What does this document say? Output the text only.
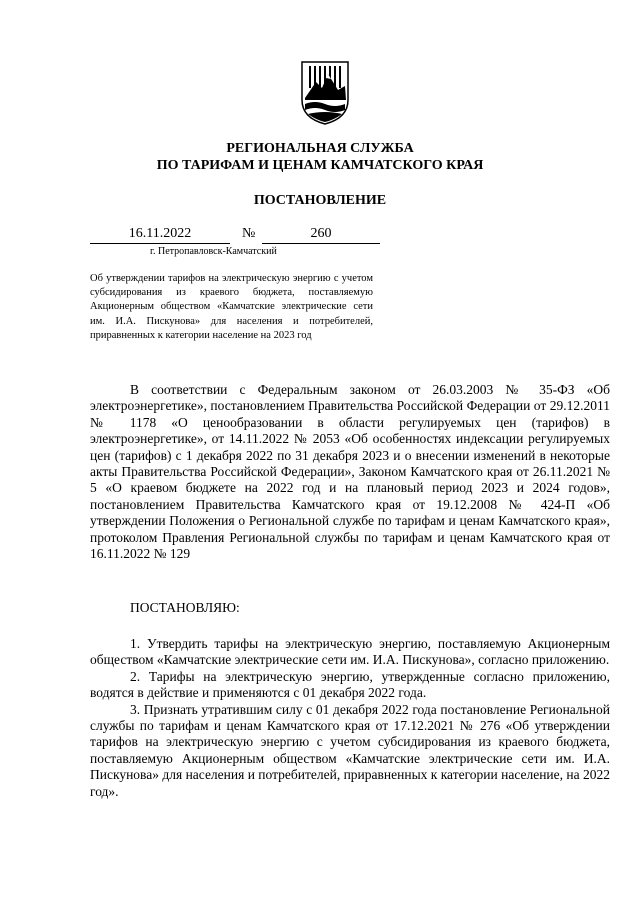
РЕГИОНАЛЬНАЯ СЛУЖБА
ПО ТАРИФАМ И ЦЕНАМ КАМЧАТСКОГО КРАЯ
ПОСТАНОВЛЕНИЕ
16.11.2022	№	260
г. Петропавловск-Камчатский
Об утверждении тарифов на электрическую энергию с учетом субсидирования из краевого бюджета, поставляемую Акционерным обществом «Камчатские электрические сети им. И.А. Пискунова» для населения и потребителей, приравненных к категории население на 2023 год
В соответствии с Федеральным законом от 26.03.2003 № 35-ФЗ «Об электроэнергетике», постановлением Правительства Российской Федерации от 29.12.2011 № 1178 «О ценообразовании в области регулируемых цен (тарифов) в электроэнергетике», от 14.11.2022 № 2053 «Об особенностях индексации регулируемых цен (тарифов) с 1 декабря 2022 по 31 декабря 2023 и о внесении изменений в некоторые акты Правительства Российской Федерации», Законом Камчатского края от 26.11.2021 № 5 «О краевом бюджете на 2022 год и на плановый период 2023 и 2024 годов», постановлением Правительства Камчатского края от 19.12.2008 № 424-П «Об утверждении Положения о Региональной службе по тарифам и ценам Камчатского края», протоколом Правления Региональной службы по тарифам и ценам Камчатского края от 16.11.2022 № 129
ПОСТАНОВЛЯЮ:

1. Утвердить тарифы на электрическую энергию, поставляемую Акционерным обществом «Камчатские электрические сети им. И.А. Пискунова», согласно приложению.

2. Тарифы на электрическую энергию, утвержденные согласно приложению, водятся в действие и применяются с 01 декабря 2022 года.

3. Признать утратившим силу с 01 декабря 2022 года постановление Региональной службы по тарифам и ценам Камчатского края от 17.12.2021 № 276 «Об утверждении тарифов на электрическую энергию с учетом субсидирования из краевого бюджета, поставляемую Акционерным обществом «Камчатские электрические сети им. И.А. Пискунова» для населения и потребителей, приравненных к категории население, на 2022 год».
